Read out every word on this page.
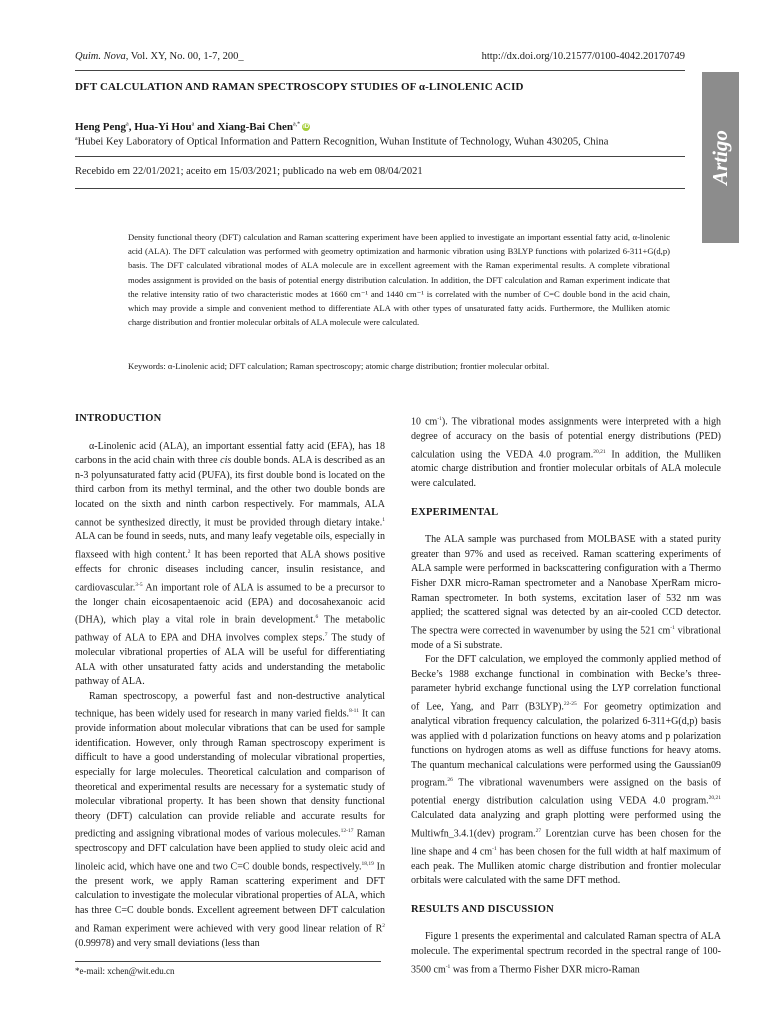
Quim. Nova, Vol. XY, No. 00, 1-7, 200_	http://dx.doi.org/10.21577/0100-4042.20170749
Artigo
DFT CALCULATION AND RAMAN SPECTROSCOPY STUDIES OF α-LINOLENIC ACID
Heng Peng$^a$, Hua-Yi Hou$^a$ and Xiang-Bai Chen$^{a,*}$ iD
$^a$Hubei Key Laboratory of Optical Information and Pattern Recognition, Wuhan Institute of Technology, Wuhan 430205, China
Recebido em 22/01/2021; aceito em 15/03/2021; publicado na web em 08/04/2021

Density functional theory (DFT) calculation and Raman scattering experiment have been applied to investigate an important essential fatty acid, α-linolenic acid (ALA). The DFT calculation was performed with geometry optimization and harmonic vibration using B3LYP functions with polarized 6-311+G(d,p) basis. The DFT calculated vibrational modes of ALA molecule are in excellent agreement with the Raman experimental results. A complete vibrational modes assignment is provided on the basis of potential energy distribution calculation. In addition, the DFT calculation and Raman experiment indicate that the relative intensity ratio of two characteristic modes at 1660 cm⁻¹ and 1440 cm⁻¹ is correlated with the number of C=C double bond in the acid chain, which may provide a simple and convenient method to differentiate ALA with other types of unsaturated fatty acids. Furthermore, the Mulliken atomic charge distribution and frontier molecular orbitals of ALA molecule were calculated.

Keywords: α-Linolenic acid; DFT calculation; Raman spectroscopy; atomic charge distribution; frontier molecular orbital.
INTRODUCTION

α-Linolenic acid (ALA), an important essential fatty acid (EFA), has 18 carbons in the acid chain with three cis double bonds. ALA is described as an n-3 polyunsaturated fatty acid (PUFA), its first double bond is located on the third carbon from its methyl terminal, and the other two double bonds are located on the sixth and ninth carbon respectively. For mammals, ALA cannot be synthesized directly, it must be provided through dietary intake.$^1$ ALA can be found in seeds, nuts, and many leafy vegetable oils, especially in flaxseed with high content.$^2$ It has been reported that ALA shows positive effects for chronic diseases including cancer, insulin resistance, and cardiovascular.$^{3-5}$ An important role of ALA is assumed to be a precursor to the longer chain eicosapentaenoic acid (EPA) and docosahexanoic acid (DHA), which play a vital role in brain development.$^6$ The metabolic pathway of ALA to EPA and DHA involves complex steps.$^7$ The study of molecular vibrational properties of ALA will be useful for differentiating ALA with other unsaturated fatty acids and understanding the metabolic pathway of ALA.

Raman spectroscopy, a powerful fast and non-destructive analytical technique, has been widely used for research in many varied fields.$^{8-11}$ It can provide information about molecular vibrations that can be used for sample identification. However, only through Raman spectroscopy experiment is difficult to have a good understanding of molecular vibrational properties, especially for large molecules. Theoretical calculation and comparison of theoretical and experimental results are necessary for a systematic study of molecular vibrational property. It has been shown that density functional theory (DFT) calculation can provide reliable and accurate results for predicting and assigning vibrational modes of various molecules.$^{12-17}$ Raman spectroscopy and DFT calculation have been applied to study oleic acid and linoleic acid, which have one and two C=C double bonds, respectively.$^{18,19}$ In the present work, we apply Raman scattering experiment and DFT calculation to investigate the molecular vibrational properties of ALA, which has three C=C double bonds. Excellent agreement between DFT calculation and Raman experiment were achieved with very good linear relation of $R^2$ (0.99978) and very small deviations (less than

10 $cm^{-1}$). The vibrational modes assignments were interpreted with a high degree of accuracy on the basis of potential energy distributions (PED) calculation using the VEDA 4.0 program.$^{20,21}$ In addition, the Mulliken atomic charge distribution and frontier molecular orbitals of ALA molecule were calculated.

EXPERIMENTAL

The ALA sample was purchased from MOLBASE with a stated purity greater than 97% and used as received. Raman scattering experiments of ALA sample were performed in backscattering configuration with a Thermo Fisher DXR micro-Raman spectrometer and a Nanobase XperRam micro-Raman spectrometer. In both systems, excitation laser of 532 nm was applied; the scattered signal was detected by an air-cooled CCD detector. The spectra were corrected in wavenumber by using the 521 $cm^{-1}$ vibrational mode of a Si substrate.

For the DFT calculation, we employed the commonly applied method of Becke’s 1988 exchange functional in combination with Becke’s three-parameter hybrid exchange functional using the LYP correlation functional of Lee, Yang, and Parr (B3LYP).$^{22-25}$ For geometry optimization and analytical vibration frequency calculation, the polarized 6-311+G(d,p) basis was applied with d polarization functions on heavy atoms and p polarization functions on hydrogen atoms as well as diffuse functions for heavy atoms. The quantum mechanical calculations were performed using the Gaussian09 program.$^{26}$ The vibrational wavenumbers were assigned on the basis of potential energy distribution calculation using VEDA 4.0 program.$^{20,21}$ Calculated data analyzing and graph plotting were performed using the Multiwfn_3.4.1(dev) program.$^{27}$ Lorentzian curve has been chosen for the line shape and 4 $cm^{-1}$ has been chosen for the full width at half maximum of each peak. The Mulliken atomic charge distribution and frontier molecular orbitals were calculated with the same DFT method.

RESULTS AND DISCUSSION

Figure 1 presents the experimental and calculated Raman spectra of ALA molecule. The experimental spectrum recorded in the spectral range of 100-3500 $cm^{-1}$ was from a Thermo Fisher DXR micro-Raman

*e-mail: xchen@wit.edu.cn
